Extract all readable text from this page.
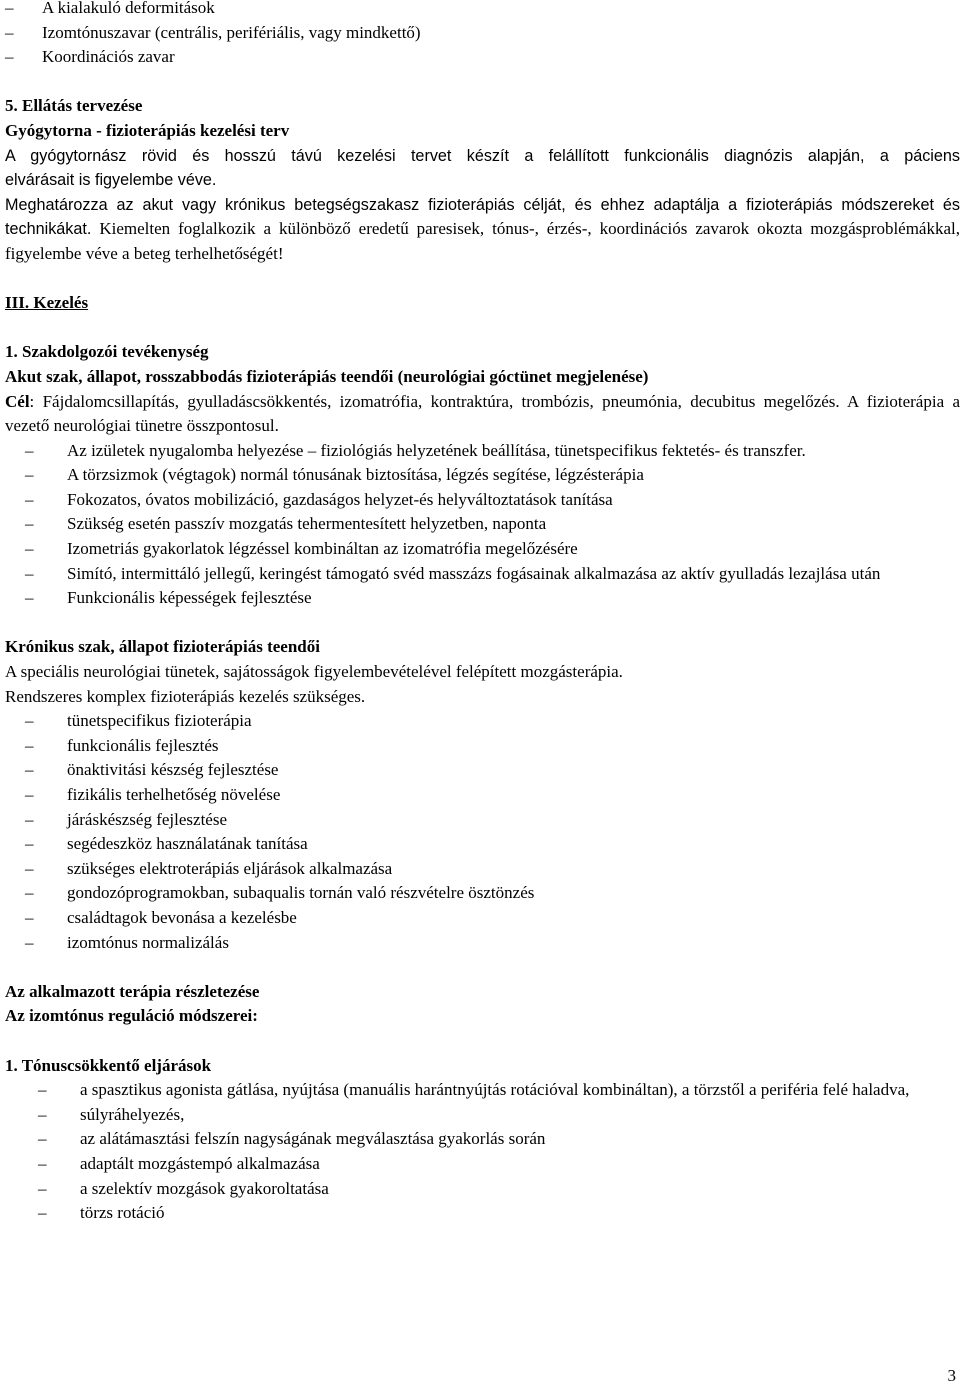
– A kialakuló deformitások
– Izomtónuszavar (centrális, perifériális, vagy mindkettő)
– Koordinációs zavar
5. Ellátás tervezése
Gyógytorna - fizioterápiás kezelési terv
A gyógytornász rövid és hosszú távú kezelési tervet készít a felállított funkcionális diagnózis alapján, a páciens
elvárásait is figyelembe véve.
Meghatározza az akut vagy krónikus betegségszakasz fizioterápiás célját, és ehhez adaptálja a fizioterápiás módszereket és technikákat. Kiemelten foglalkozik a különböző eredetű paresisek, tónus-, érzés-, koordinációs zavarok okozta mozgásproblémákkal, figyelembe véve a beteg terhelhetőségét!
III. Kezelés
1. Szakdolgozói tevékenység
Akut szak, állapot, rosszabbodás fizioterápiás teendői (neurológiai góctünet megjelenése)
Cél: Fájdalomcsillapítás, gyulladáscsökkentés, izomatrófia, kontraktúra, trombózis, pneumónia, decubitus megelőzés. A fizioterápia a vezető neurológiai tünetre összpontosul.
– Az izületek nyugalomba helyezése – fiziológiás helyzetének beállítása, tünetspecifikus fektetés- és transzfer.
– A törzsizmok (végtagok) normál tónusának biztosítása, légzés segítése, légzésterápia
– Fokozatos, óvatos mobilizáció, gazdaságos helyzet-és helyváltoztatások tanítása
– Szükség esetén passzív mozgatás tehermentesített helyzetben, naponta
– Izometriás gyakorlatok légzéssel kombináltan az izomatrófia megelőzésére
– Simító, intermittáló jellegű, keringést támogató svéd masszázs fogásainak alkalmazása az aktív gyulladás lezajlása után
– Funkcionális képességek fejlesztése
Krónikus szak, állapot fizioterápiás teendői
A speciális neurológiai tünetek, sajátosságok figyelembevételével felépített mozgásterápia.
Rendszeres komplex fizioterápiás kezelés szükséges.
– tünetspecifikus fizioterápia
– funkcionális fejlesztés
– önaktivitási készség fejlesztése
– fizikális terhelhetőség növelése
– járáskészség fejlesztése
– segédeszköz használatának tanítása
– szükséges elektroterápiás eljárások alkalmazása
– gondozóprogramokban, subaqualis tornán való részvételre ösztönzés
– családtagok bevonása a kezelésbe
– izomtónus normalizálás
Az alkalmazott terápia részletezése
Az izomtónus reguláció módszerei:
1. Tónuscsökkentő eljárások
– a spasztikus agonista gátlása, nyújtása (manuális harántnyújtás rotációval kombináltan), a törzstől a periféria felé haladva,
– súlyráhelyezés,
– az alátámasztási felszín nagyságának megválasztása gyakorlás során
– adaptált mozgástempó alkalmazása
– a szelektív mozgások gyakoroltatása
– törzs rotáció
3
